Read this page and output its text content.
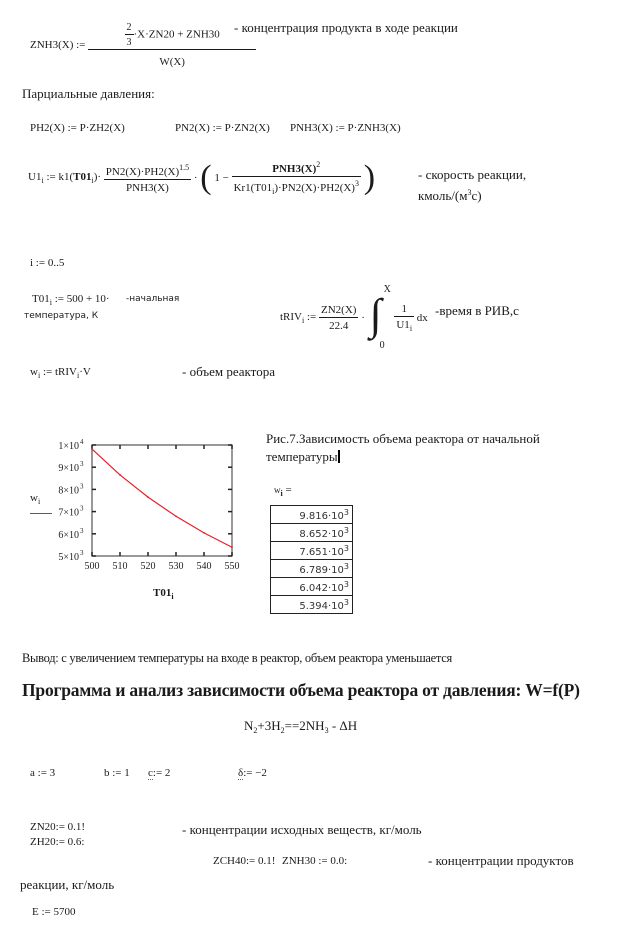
ZNH3(X) := $\frac{\frac{2}{3} \cdot X\cdot ZN20 + ZNH30}{W(X)}$
- концентрация продукта в ходе реакции
Парциальные давления:
PH2(X) := P·ZH2(X)	PN2(X) := P·ZN2(X) PNH3(X) := P·ZNH3(X)
$U1_i$ := $k1(T01_i)\cdot \frac{PN2(X)\cdot PH2(X)^{1.5}}{\text{PNH3(X)}}$ · ( $1 - \frac{PNH3(X)^2}{Kr1(T01_i)\cdot PN2(X)\cdot PH2(X)^3}$ )	- скорость реакции,
кмоль/$(м^3с)$
i := 0..5
$T01_i$ := 500 + 10· -начальная
температура, К	tRIV$_i$ := $\frac{ZN2(X)}{22.4}$ · ∫
X
0

$\frac{1}{U1_i}$ dx -время в РИВ,с
$w_i$ := tRIV$_i$·V	- объем реактора
500 510 520 530 540 550
1×10 4
9×10 3
8×10 3
7×10 3
6×10 3
5×10 3
$w_i$
$T01_i$
Рис.7.Зависимость объема реактора от начальной
температуры
$w_i$ =
$9.816\cdot 10^3$
$8.652\cdot 10^3$
$7.651\cdot 10^3$
$6.789\cdot 10^3$
$6.042\cdot 10^3$
$5.394\cdot 10^3$
Вывод: с увеличением температуры на входе в реактор, объем реактора уменьшается
Программа и анализ зависимости объема реактора от давления: W=f(P)
$N_2+3H_2==2NH_3 - \Delta H$
a := 3	b := 1 c:= 2	δ:= −2
ZN20:= 0.1!
ZH20:= 0.6:
- концентрации исходных веществ, кг/моль
ZCH40:= 0.1! ZNH30 := 0.0:	- концентрации продуктов
реакции, кг/моль
E := 5700
